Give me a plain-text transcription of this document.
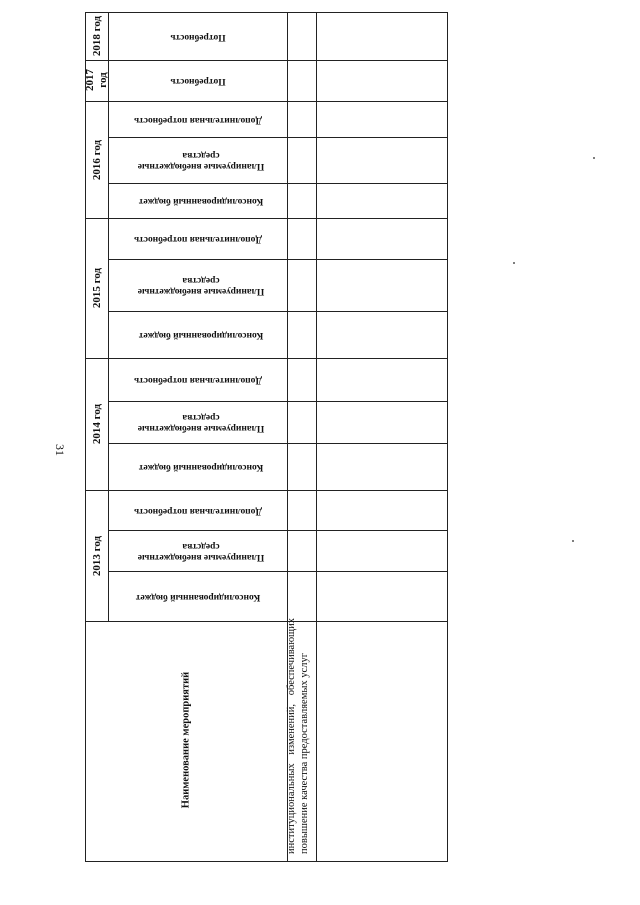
31
2018 год
2017 год
2016 год
2015 год
2014 год
2013 год
Потребность
Потребность
Дополнительная потребность
Планируемые внебюджетные средства
Консолидированный бюджет
Дополнительная потребность
Планируемые внебюджетные средства
Консолидированный бюджет
Дополнительная потребность
Планируемые внебюджетные средства
Консолидированный бюджет
Дополнительная потребность
Планируемые внебюджетные средства
Консолидированный бюджет
Наименование мероприятий	институциональных изменений, обеспечивающих повышение качества предоставляемых услуг
